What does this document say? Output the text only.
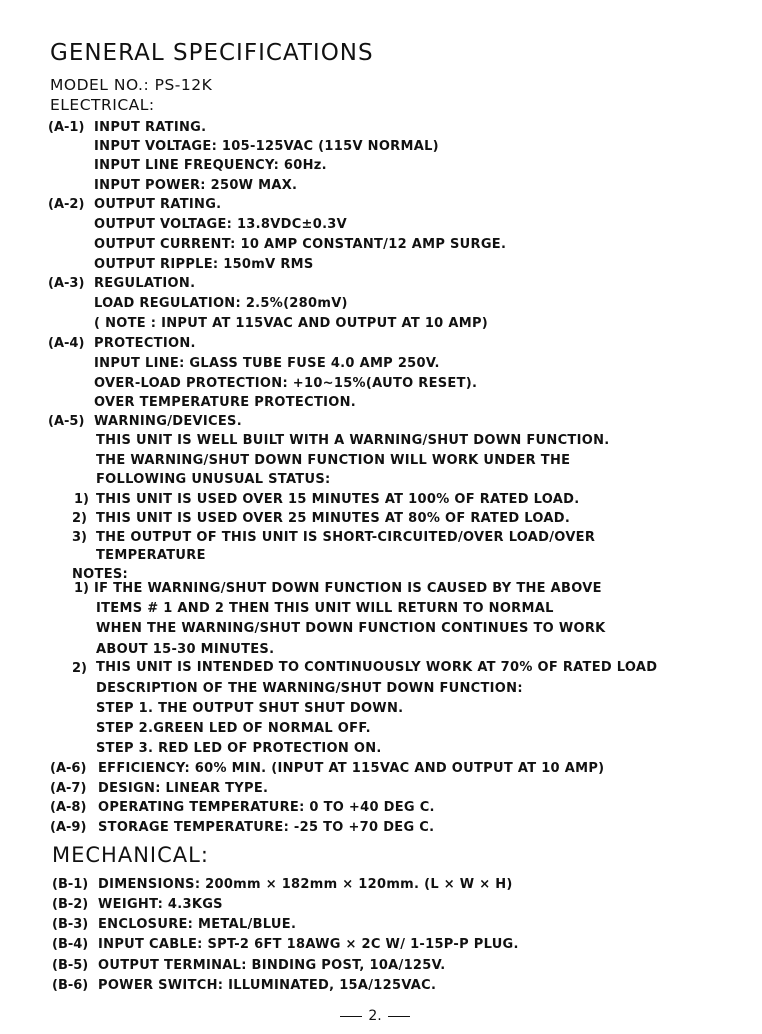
GENERAL SPECIFICATIONS
MODEL NO.: PS-12K
ELECTRICAL:
(A-1) INPUT RATING.
INPUT VOLTAGE: 105-125VAC (115V NORMAL)
INPUT LINE FREQUENCY: 60Hz.
INPUT POWER: 250W MAX.
(A-2) OUTPUT RATING.
OUTPUT VOLTAGE: 13.8VDC±0.3V
OUTPUT CURRENT: 10 AMP CONSTANT/12 AMP SURGE.
OUTPUT RIPPLE: 150mV RMS
(A-3) REGULATION.
LOAD REGULATION: 2.5%(280mV)
( NOTE : INPUT AT 115VAC AND OUTPUT AT 10 AMP)
(A-4) PROTECTION.
INPUT LINE: GLASS TUBE FUSE 4.0 AMP 250V.
OVER-LOAD PROTECTION: +10~15%(AUTO RESET).
OVER TEMPERATURE PROTECTION.
(A-5) WARNING/DEVICES.
THIS UNIT IS WELL BUILT WITH A WARNING/SHUT DOWN FUNCTION.
THE WARNING/SHUT DOWN FUNCTION WILL WORK UNDER THE
FOLLOWING UNUSUAL STATUS:
1) THIS UNIT IS USED OVER 15 MINUTES AT 100% OF RATED LOAD.
2) THIS UNIT IS USED OVER 25 MINUTES AT 80% OF RATED LOAD.
3) THE OUTPUT OF THIS UNIT IS SHORT-CIRCUITED/OVER LOAD/OVER
TEMPERATURE
NOTES:
1) IF THE WARNING/SHUT DOWN FUNCTION IS CAUSED BY THE ABOVE
ITEMS # 1 AND 2 THEN THIS UNIT WILL RETURN TO NORMAL
WHEN THE WARNING/SHUT DOWN FUNCTION CONTINUES TO WORK
ABOUT 15-30 MINUTES.
2) THIS UNIT IS INTENDED TO CONTINUOUSLY WORK AT 70% OF RATED LOAD
DESCRIPTION OF THE WARNING/SHUT DOWN FUNCTION:
STEP 1. THE OUTPUT SHUT SHUT DOWN.
STEP 2.GREEN LED OF NORMAL OFF.
STEP 3. RED LED OF PROTECTION ON.
(A-6) EFFICIENCY: 60% MIN. (INPUT AT 115VAC AND OUTPUT AT 10 AMP)
(A-7) DESIGN: LINEAR TYPE.
(A-8) OPERATING TEMPERATURE: 0 TO +40 DEG C.
(A-9) STORAGE TEMPERATURE: -25 TO +70 DEG C.
MECHANICAL:
(B-1) DIMENSIONS: 200mm × 182mm × 120mm. (L × W × H)
(B-2) WEIGHT: 4.3KGS
(B-3) ENCLOSURE: METAL/BLUE.
(B-4) INPUT CABLE: SPT-2 6FT 18AWG × 2C W/ 1-15P-P PLUG.
(B-5) OUTPUT TERMINAL: BINDING POST, 10A/125V.
(B-6) POWER SWITCH: ILLUMINATED, 15A/125VAC.
2.
